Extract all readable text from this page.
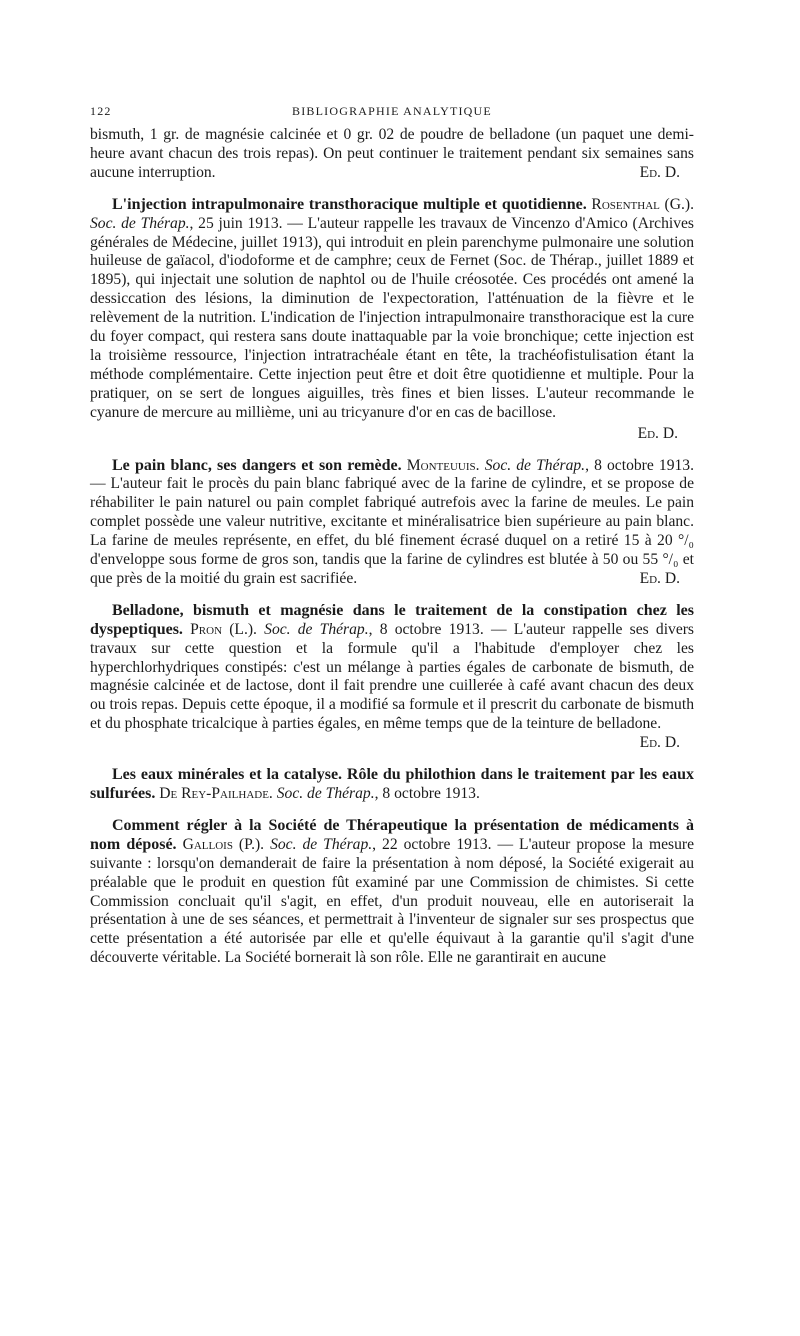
122	BIBLIOGRAPHIE ANALYTIQUE

bismuth, 1 gr. de magnésie calcinée et 0 gr. 02 de poudre de belladone (un paquet une demi-heure avant chacun des trois repas). On peut continuer le traitement pendant six semaines sans aucune interruption.	Ed. D.

L'injection intrapulmonaire transthoracique multiple et quotidienne. Rosenthal (G.). Soc. de Thérap., 25 juin 1913. — L'auteur rappelle les travaux de Vincenzo d'Amico (Archives générales de Médecine, juillet 1913), qui introduit en plein parenchyme pulmonaire une solution huileuse de gaïacol, d'iodoforme et de camphre; ceux de Fernet (Soc. de Thérap., juillet 1889 et 1895), qui injectait une solution de naphtol ou de l'huile créosotée. Ces procédés ont amené la dessiccation des lésions, la diminution de l'expectoration, l'atténuation de la fièvre et le relèvement de la nutrition. L'indication de l'injection intrapulmonaire transthoracique est la cure du foyer compact, qui restera sans doute inattaquable par la voie bronchique; cette injection est la troisième ressource, l'injection intratrachéale étant en tête, la trachéofistulisation étant la méthode complémentaire. Cette injection peut être et doit être quotidienne et multiple. Pour la pratiquer, on se sert de longues aiguilles, très fines et bien lisses. L'auteur recommande le cyanure de mercure au millième, uni au tricyanure d'or en cas de bacillose.

Ed. D.

Le pain blanc, ses dangers et son remède. Monteuuis. Soc. de Thérap., 8 octobre 1913. — L'auteur fait le procès du pain blanc fabriqué avec de la farine de cylindre, et se propose de réhabiliter le pain naturel ou pain complet fabriqué autrefois avec la farine de meules. Le pain complet possède une valeur nutritive, excitante et minéralisatrice bien supérieure au pain blanc. La farine de meules représente, en effet, du blé finement écrasé duquel on a retiré 15 à 20 °/₀ d'enveloppe sous forme de gros son, tandis que la farine de cylindres est blutée à 50 ou 55 °/₀ et que près de la moitié du grain est sacrifiée.	Ed. D.

Belladone, bismuth et magnésie dans le traitement de la constipation chez les dyspeptiques. Pron (L.). Soc. de Thérap., 8 octobre 1913. — L'auteur rappelle ses divers travaux sur cette question et la formule qu'il a l'habitude d'employer chez les hyperchlorhydriques constipés: c'est un mélange à parties égales de carbonate de bismuth, de magnésie calcinée et de lactose, dont il fait prendre une cuillerée à café avant chacun des deux ou trois repas. Depuis cette époque, il a modifié sa formule et il prescrit du carbonate de bismuth et du phosphate tricalcique à parties égales, en même temps que de la teinture de belladone.
Ed. D.

Les eaux minérales et la catalyse. Rôle du philothion dans le traitement par les eaux sulfurées. De Rey-Pailhade. Soc. de Thérap., 8 octobre 1913.

Comment régler à la Société de Thérapeutique la présentation de médicaments à nom déposé. Gallois (P.). Soc. de Thérap., 22 octobre 1913. — L'auteur propose la mesure suivante : lorsqu'on demanderait de faire la présentation à nom déposé, la Société exigerait au préalable que le produit en question fût examiné par une Commission de chimistes. Si cette Commission concluait qu'il s'agit, en effet, d'un produit nouveau, elle en autoriserait la présentation à une de ses séances, et permettrait à l'inventeur de signaler sur ses prospectus que cette présentation a été autorisée par elle et qu'elle équivaut à la garantie qu'il s'agit d'une découverte véritable. La Société bornerait là son rôle. Elle ne garantirait en aucune
